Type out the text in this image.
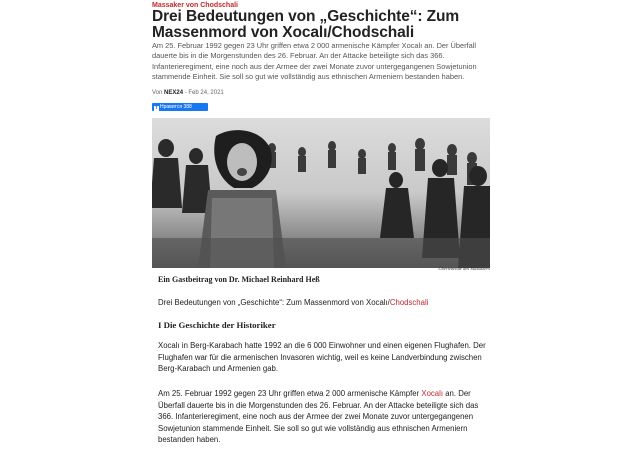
Massaker von Chodschali
Drei Bedeutungen von „Geschichte“: Zum Massenmord von Xocalı/Chodschali
Am 25. Februar 1992 gegen 23 Uhr griffen etwa 2 000 armenische Kämpfer Xocalı an. Der Überfall dauerte bis in die Morgenstunden des 26. Februar. An der Attacke beteiligte sich das 366. Infanterieregiment, eine noch aus der Armee der zwei Monate zuvor untergegangenen Sowjetunion stammende Einheit. Sie soll so gut wie vollständig aus ethnischen Armeniern bestanden haben.
Von NEX24 - Feb 24, 2021
f Нравится 388
Überlebende des Massakers
Ein Gastbeitrag von Dr. Michael Reinhard Heß
Drei Bedeutungen von „Geschichte“: Zum Massenmord von Xocalı/Chodschali
I Die Geschichte der Historiker
Xocalı in Berg-Karabach hatte 1992 an die 6 000 Einwohner und einen eigenen Flughafen. Der Flughafen war für die armenischen Invasoren wichtig, weil es keine Landverbindung zwischen Berg-Karabach und Armenien gab.
Am 25. Februar 1992 gegen 23 Uhr griffen etwa 2 000 armenische Kämpfer Xocalı an. Der Überfall dauerte bis in die Morgenstunden des 26. Februar. An der Attacke beteiligte sich das 366. Infanterieregiment, eine noch aus der Armee der zwei Monate zuvor untergegangenen Sowjetunion stammende Einheit. Sie soll so gut wie vollständig aus ethnischen Armeniern bestanden haben.
